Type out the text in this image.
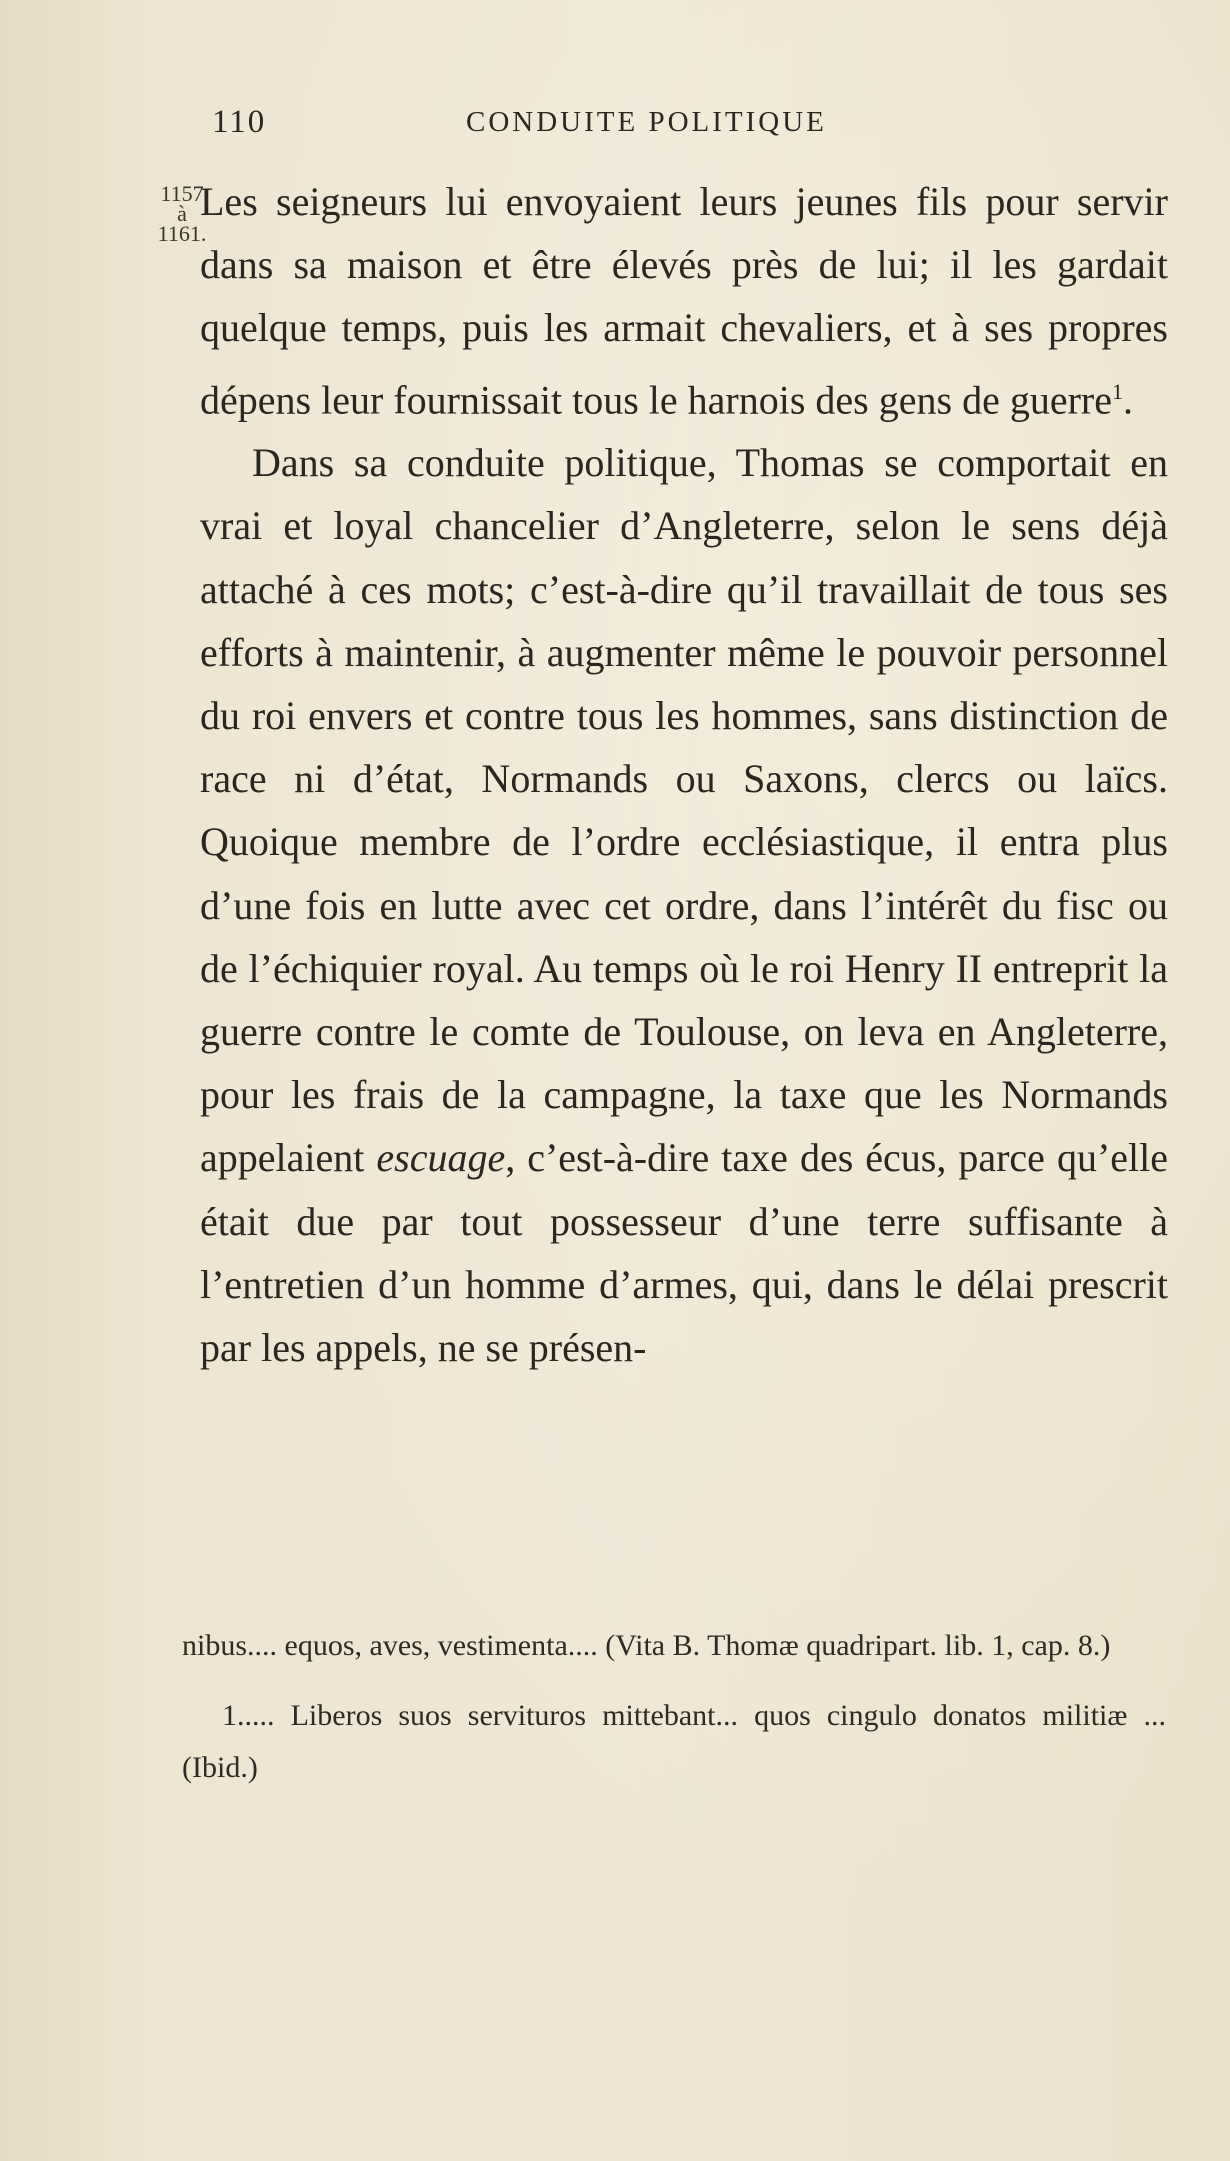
110	CONDUITE POLITIQUE
1157
à
1161.

Les seigneurs lui envoyaient leurs jeunes fils pour servir dans sa maison et être élevés près de lui; il les gardait quelque temps, puis les armait chevaliers, et à ses propres dépens leur fournissait tous le harnois des gens de guerre$^1$.

Dans sa conduite politique, Thomas se comportait en vrai et loyal chancelier d’Angleterre, selon le sens déjà attaché à ces mots; c’est-à-dire qu’il travaillait de tous ses efforts à maintenir, à augmenter même le pouvoir personnel du roi envers et contre tous les hommes, sans distinction de race ni d’état, Normands ou Saxons, clercs ou laïcs. Quoique membre de l’ordre ecclésiastique, il entra plus d’une fois en lutte avec cet ordre, dans l’intérêt du fisc ou de l’échiquier royal. Au temps où le roi Henry II entreprit la guerre contre le comte de Toulouse, on leva en Angleterre, pour les frais de la campagne, la taxe que les Normands appelaient escuage, c’est-à-dire taxe des écus, parce qu’elle était due par tout possesseur d’une terre suffisante à l’entretien d’un homme d’armes, qui, dans le délai prescrit par les appels, ne se présen-

nibus.... equos, aves, vestimenta.... (Vita B. Thomæ quadripart. lib. 1, cap. 8.)

1..... Liberos suos servituros mittebant... quos cingulo donatos militiæ ... (Ibid.)
